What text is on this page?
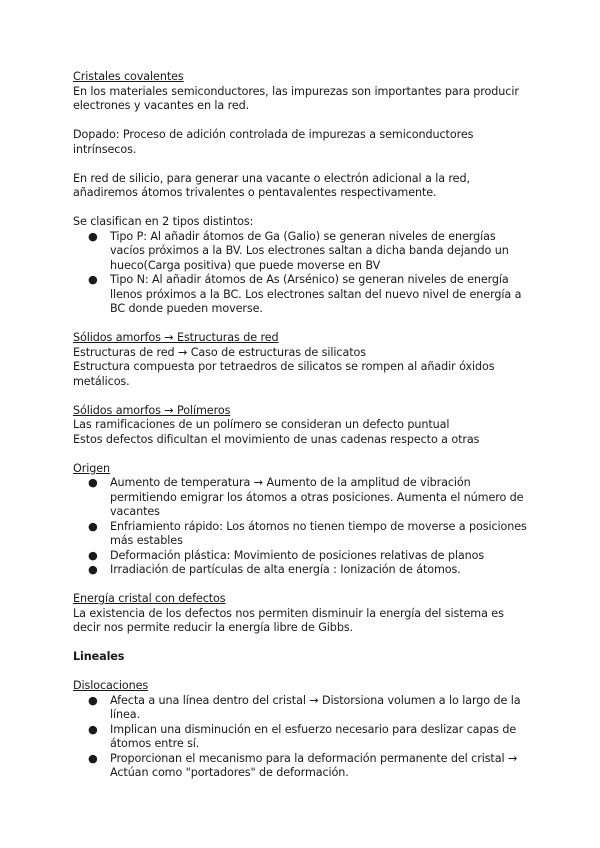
Cristales covalentes

En los materiales semiconductores, las impurezas son importantes para producir electrones y vacantes en la red.

Dopado: Proceso de adición controlada de impurezas a semiconductores intrínsecos.

En red de silicio, para generar una vacante o electrón adicional a la red, añadiremos átomos trivalentes o pentavalentes respectivamente.

Se clasifican en 2 tipos distintos:

● Tipo P: Al añadir átomos de Ga (Galio) se generan niveles de energías vacíos próximos a la BV. Los electrones saltan a dicha banda dejando un hueco(Carga positiva) que puede moverse en BV
● Tipo N: Al añadir átomos de As (Arsénico) se generan niveles de energía llenos próximos a la BC. Los electrones saltan del nuevo nivel de energía a BC donde pueden moverse.

Sólidos amorfos → Estructuras de red

Estructuras de red → Caso de estructuras de silicatos

Estructura compuesta por tetraedros de silicatos se rompen al añadir óxidos metálicos.

Sólidos amorfos → Polímeros

Las ramificaciones de un polímero se consideran un defecto puntual

Estos defectos dificultan el movimiento de unas cadenas respecto a otras

Origen

● Aumento de temperatura → Aumento de la amplitud de vibración permitiendo emigrar los átomos a otras posiciones. Aumenta el número de vacantes
● Enfriamiento rápido: Los átomos no tienen tiempo de moverse a posiciones más estables
● Deformación plástica: Movimiento de posiciones relativas de planos
● Irradiación de partículas de alta energía : Ionización de átomos.

Energía cristal con defectos

La existencia de los defectos nos permiten disminuir la energía del sistema es decir nos permite reducir la energía libre de Gibbs.

Lineales

Dislocaciones

● Afecta a una línea dentro del cristal → Distorsiona volumen a lo largo de la línea.
● Implican una disminución en el esfuerzo necesario para deslizar capas de átomos entre sí.
● Proporcionan el mecanismo para la deformación permanente del cristal → Actúan como "portadores" de deformación.
